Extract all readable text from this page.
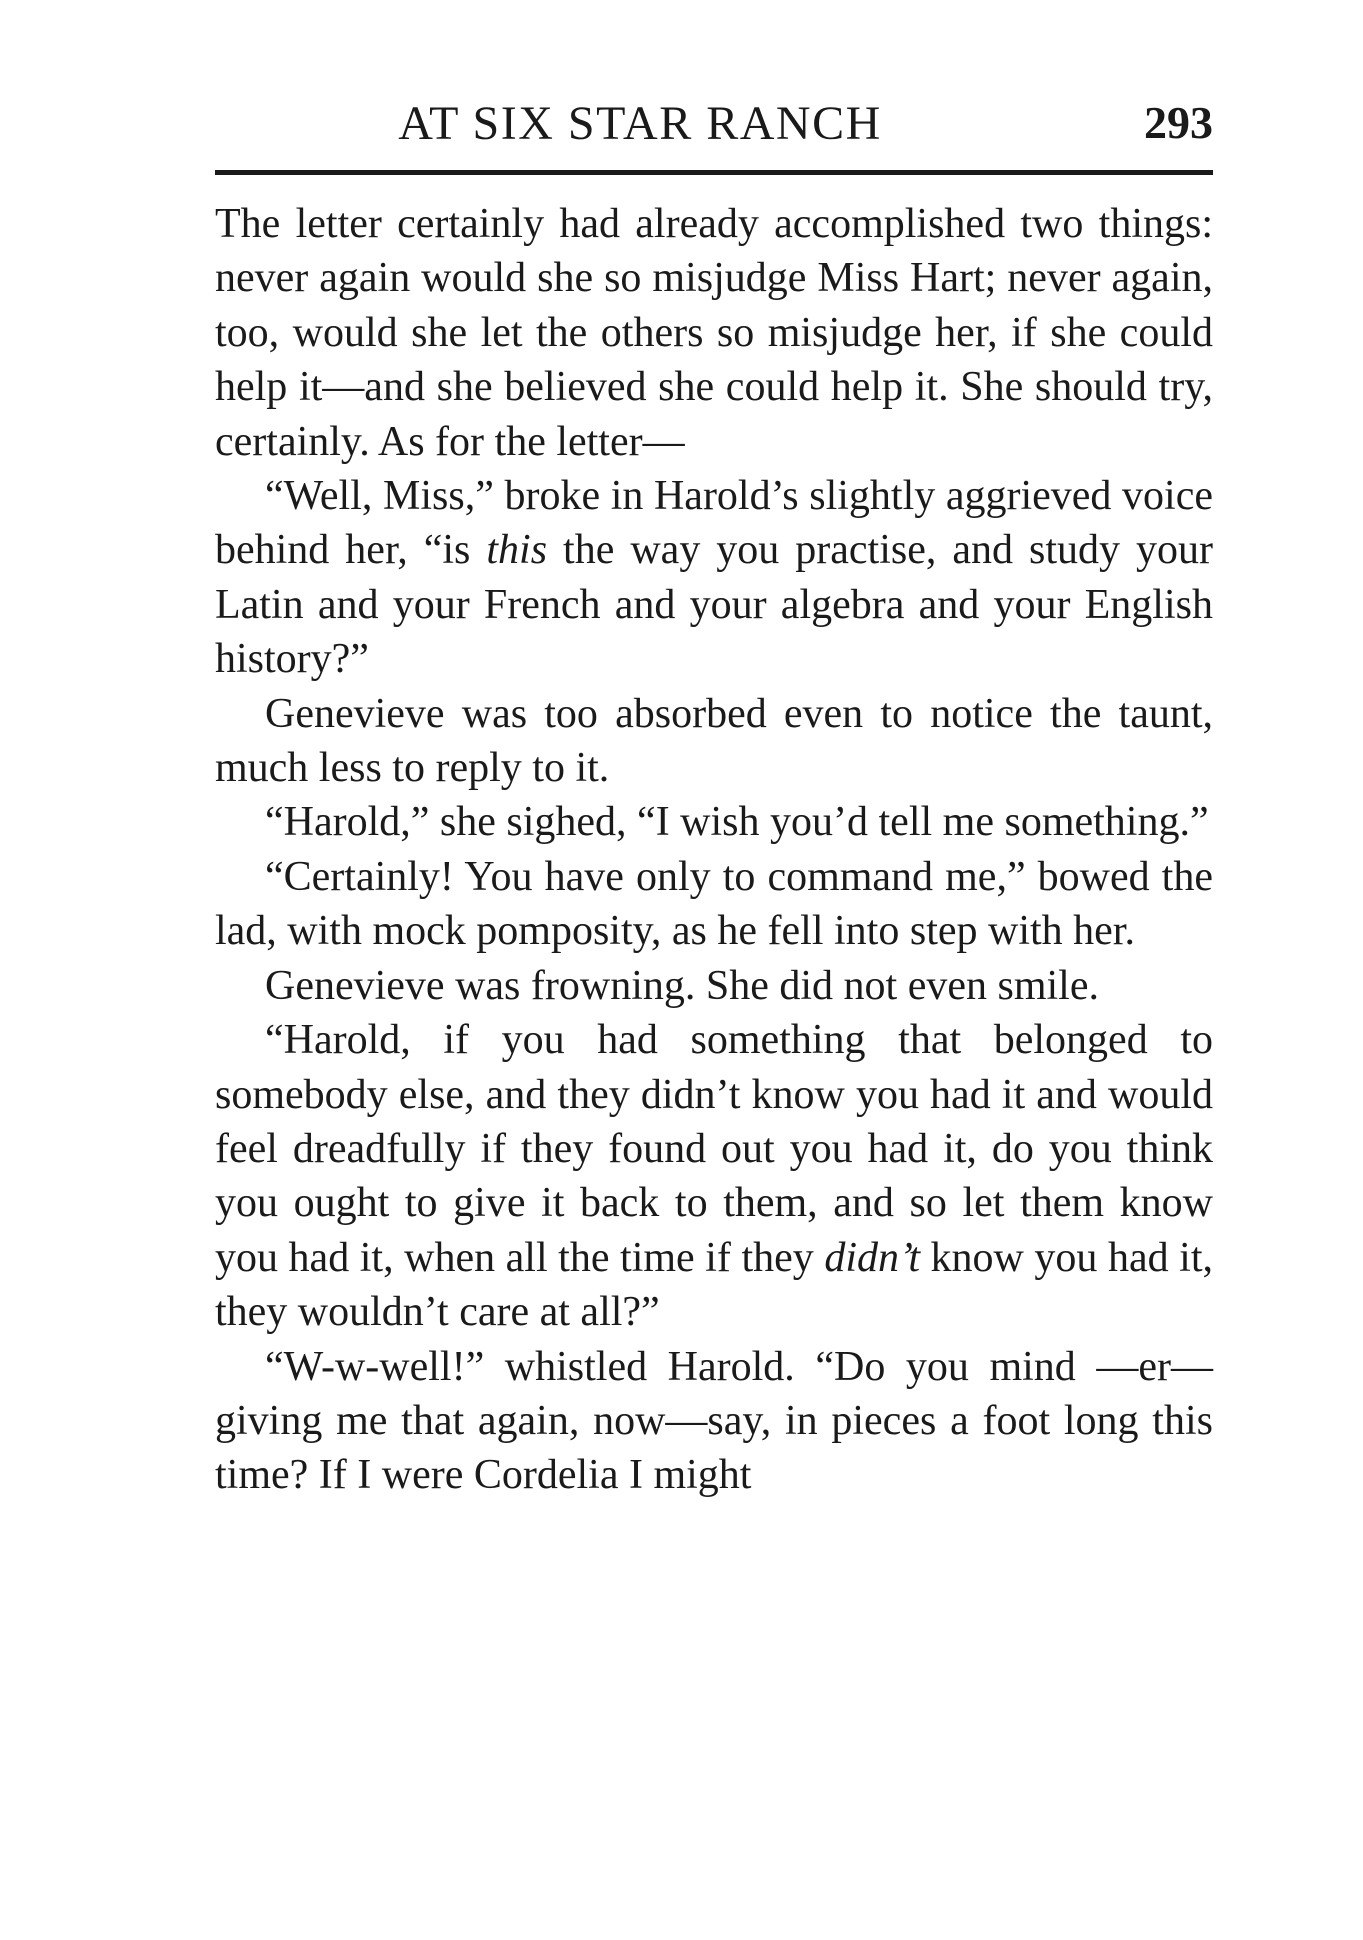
AT SIX STAR RANCH	293

The letter certainly had already accomplished two things: never again would she so misjudge Miss Hart; never again, too, would she let the others so misjudge her, if she could help it—and she believed she could help it. She should try, certainly. As for the letter—

“Well, Miss,” broke in Harold’s slightly aggrieved voice behind her, “is this the way you practise, and study your Latin and your French and your algebra and your English history?”

Genevieve was too absorbed even to notice the taunt, much less to reply to it.

“Harold,” she sighed, “I wish you’d tell me something.”

“Certainly! You have only to command me,” bowed the lad, with mock pomposity, as he fell into step with her.

Genevieve was frowning. She did not even smile.

“Harold, if you had something that belonged to somebody else, and they didn’t know you had it and would feel dreadfully if they found out you had it, do you think you ought to give it back to them, and so let them know you had it, when all the time if they didn’t know you had it, they wouldn’t care at all?”

“W-w-well!” whistled Harold. “Do you mind —er—giving me that again, now—say, in pieces a foot long this time? If I were Cordelia I might
